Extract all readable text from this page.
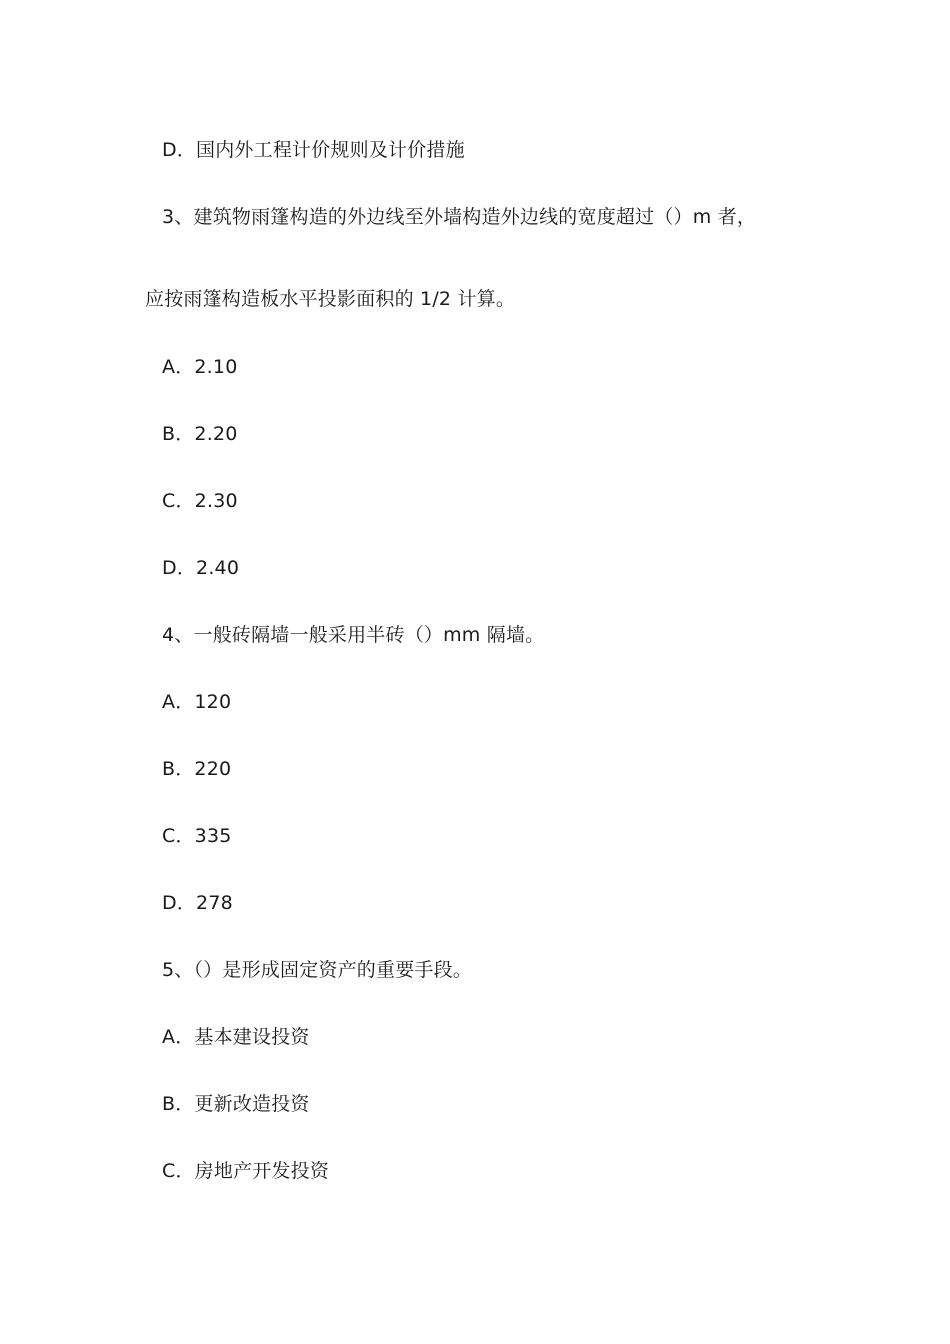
D．国内外工程计价规则及计价措施
3、建筑物雨篷构造的外边线至外墙构造外边线的宽度超过（）m 者，
应按雨篷构造板水平投影面积的 1/2 计算。
A．2.10
B．2.20
C．2.30
D．2.40
4、一般砖隔墙一般采用半砖（）mm 隔墙。
A．120
B．220
C．335
D．278
5、（）是形成固定资产的重要手段。
A．基本建设投资
B．更新改造投资
C．房地产开发投资
